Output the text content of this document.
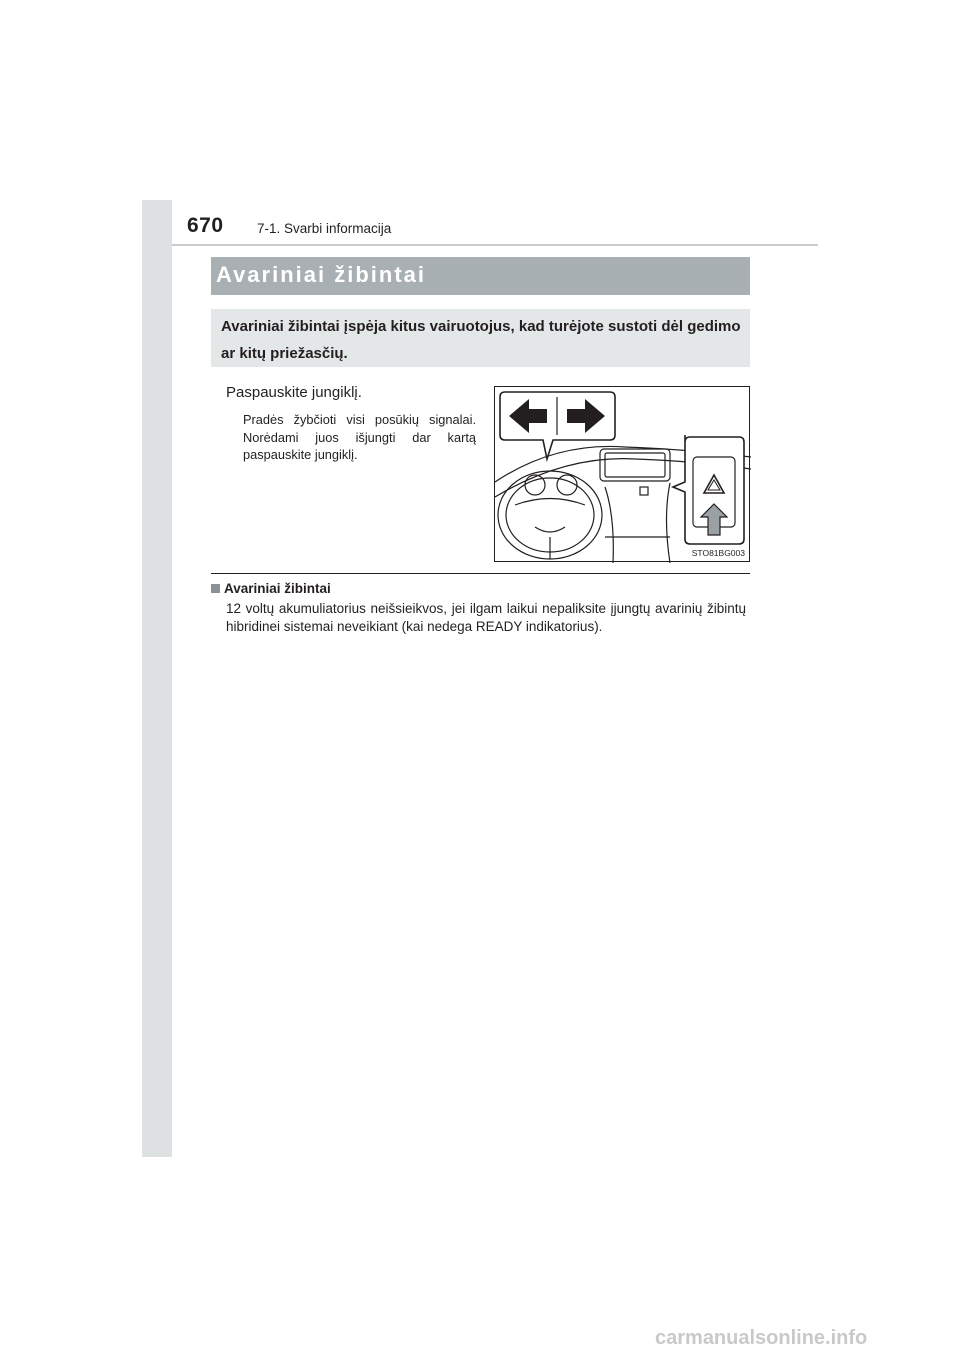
670 7-1. Svarbi informacija
Avariniai žibintai
Avariniai žibintai įspėja kitus vairuotojus, kad turėjote sustoti dėl gedimo ar kitų priežasčių.
Paspauskite jungiklį.
Pradės žybčioti visi posūkių signalai. Norėdami juos išjungti dar kartą paspauskite jungiklį.
STO81BG003
Avariniai žibintai
12 voltų akumuliatorius neišsieikvos, jei ilgam laikui nepaliksite įjungtų avarinių žibintų hibridinei sistemai neveikiant (kai nedega READY indikatorius).
carmanualsonline.info
